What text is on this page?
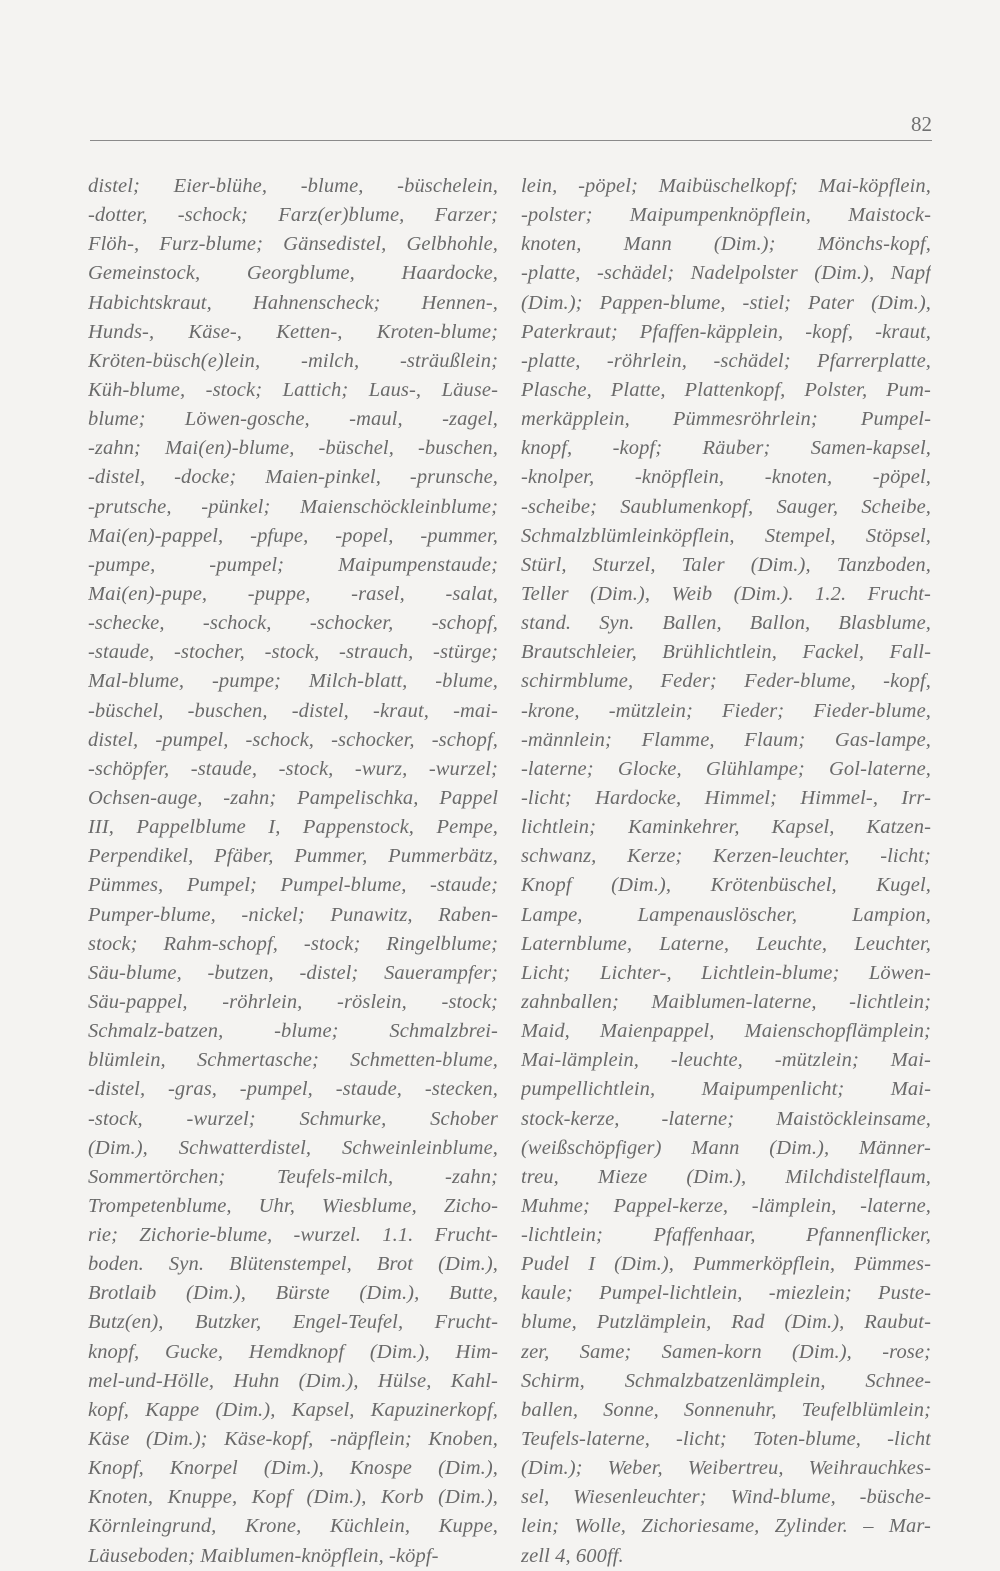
82
distel; Eier-blühe, -blume, -büschelein,
-dotter, -schock; Farz(er)blume, Farzer;
Flöh-, Furz-blume; Gänsedistel, Gelbhohle,
Gemeinstock, Georgblume, Haardocke,
Habichtskraut, Hahnenscheck; Hennen-,
Hunds-, Käse-, Ketten-, Kroten-blume;
Kröten-büsch(e)lein, -milch, -sträußlein;
Küh-blume, -stock; Lattich; Laus-, Läuse-
blume; Löwen-gosche, -maul, -zagel,
-zahn; Mai(en)-blume, -büschel, -buschen,
-distel, -docke; Maien-pinkel, -prunsche,
-prutsche, -pünkel; Maienschöckleinblume;
Mai(en)-pappel, -pfupe, -popel, -pummer,
-pumpe, -pumpel; Maipumpenstaude;
Mai(en)-pupe, -puppe, -rasel, -salat,
-schecke, -schock, -schocker, -schopf,
-staude, -stocher, -stock, -strauch, -stürge;
Mal-blume, -pumpe; Milch-blatt, -blume,
-büschel, -buschen, -distel, -kraut, -mai-
distel, -pumpel, -schock, -schocker, -schopf,
-schöpfer, -staude, -stock, -wurz, -wurzel;
Ochsen-auge, -zahn; Pampelischka, Pappel
III, Pappelblume I, Pappenstock, Pempe,
Perpendikel, Pfäber, Pummer, Pummerbätz,
Pümmes, Pumpel; Pumpel-blume, -staude;
Pumper-blume, -nickel; Punawitz, Raben-
stock; Rahm-schopf, -stock; Ringelblume;
Säu-blume, -butzen, -distel; Sauerampfer;
Säu-pappel, -röhrlein, -röslein, -stock;
Schmalz-batzen, -blume; Schmalzbrei-
blümlein, Schmertasche; Schmetten-blume,
-distel, -gras, -pumpel, -staude, -stecken,
-stock, -wurzel; Schmurke, Schober
(Dim.), Schwatterdistel, Schweinleinblume,
Sommertörchen; Teufels-milch, -zahn;
Trompetenblume, Uhr, Wiesblume, Zicho-
rie; Zichorie-blume, -wurzel. 1.1. Frucht-
boden. Syn. Blütenstempel, Brot (Dim.),
Brotlaib (Dim.), Bürste (Dim.), Butte,
Butz(en), Butzker, Engel-Teufel, Frucht-
knopf, Gucke, Hemdknopf (Dim.), Him-
mel-und-Hölle, Huhn (Dim.), Hülse, Kahl-
kopf, Kappe (Dim.), Kapsel, Kapuzinerkopf,
Käse (Dim.); Käse-kopf, -näpflein; Knoben,
Knopf, Knorpel (Dim.), Knospe (Dim.),
Knoten, Knuppe, Kopf (Dim.), Korb (Dim.),
Körnleingrund, Krone, Küchlein, Kuppe,
Läuseboden; Maiblumen-knöpflein, -köpf-
lein, -pöpel; Maibüschelkopf; Mai-köpflein,
-polster; Maipumpenknöpflein, Maistock-
knoten, Mann (Dim.); Mönchs-kopf,
-platte, -schädel; Nadelpolster (Dim.), Napf
(Dim.); Pappen-blume, -stiel; Pater (Dim.),
Paterkraut; Pfaffen-käpplein, -kopf, -kraut,
-platte, -röhrlein, -schädel; Pfarrerplatte,
Plasche, Platte, Plattenkopf, Polster, Pum-
merkäpplein, Pümmesröhrlein; Pumpel-
knopf, -kopf; Räuber; Samen-kapsel,
-knolper, -knöpflein, -knoten, -pöpel,
-scheibe; Saublumenkopf, Sauger, Scheibe,
Schmalzblümleinköpflein, Stempel, Stöpsel,
Stürl, Sturzel, Taler (Dim.), Tanzboden,
Teller (Dim.), Weib (Dim.). 1.2. Frucht-
stand. Syn. Ballen, Ballon, Blasblume,
Brautschleier, Brühlichtlein, Fackel, Fall-
schirmblume, Feder; Feder-blume, -kopf,
-krone, -mützlein; Fieder; Fieder-blume,
-männlein; Flamme, Flaum; Gas-lampe,
-laterne; Glocke, Glühlampe; Gol-laterne,
-licht; Hardocke, Himmel; Himmel-, Irr-
lichtlein; Kaminkehrer, Kapsel, Katzen-
schwanz, Kerze; Kerzen-leuchter, -licht;
Knopf (Dim.), Krötenbüschel, Kugel,
Lampe, Lampenauslöscher, Lampion,
Laternblume, Laterne, Leuchte, Leuchter,
Licht; Lichter-, Lichtlein-blume; Löwen-
zahnballen; Maiblumen-laterne, -lichtlein;
Maid, Maienpappel, Maienschopflämplein;
Mai-lämplein, -leuchte, -mützlein; Mai-
pumpellichtlein, Maipumpenlicht; Mai-
stock-kerze, -laterne; Maistöckleinsame,
(weißschöpfiger) Mann (Dim.), Männer-
treu, Mieze (Dim.), Milchdistelflaum,
Muhme; Pappel-kerze, -lämplein, -laterne,
-lichtlein; Pfaffenhaar, Pfannenflicker,
Pudel I (Dim.), Pummerköpflein, Pümmes-
kaule; Pumpel-lichtlein, -miezlein; Puste-
blume, Putzlämplein, Rad (Dim.), Raubut-
zer, Same; Samen-korn (Dim.), -rose;
Schirm, Schmalzbatzenlämplein, Schnee-
ballen, Sonne, Sonnenuhr, Teufelblümlein;
Teufels-laterne, -licht; Toten-blume, -licht
(Dim.); Weber, Weibertreu, Weihrauchkes-
sel, Wiesenleuchter; Wind-blume, -büsche-
lein; Wolle, Zichoriesame, Zylinder. – Mar-
zell 4, 600ff.
